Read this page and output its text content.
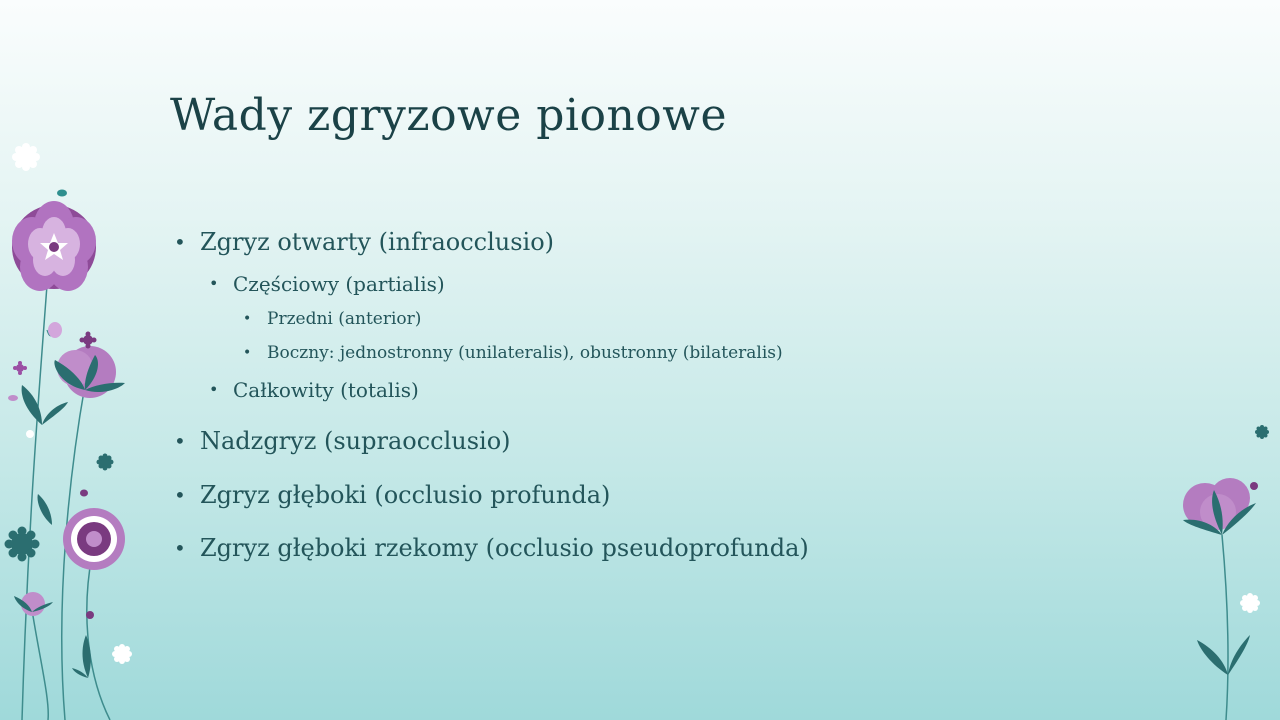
Wady zgryzowe pionowe
• Zgryz otwarty (infraocclusio)
• Częściowy (partialis)
• Przedni (anterior)
• Boczny: jednostronny (unilateralis), obustronny (bilateralis)
• Całkowity (totalis)
• Nadzgryz (supraocclusio)
• Zgryz głęboki (occlusio profunda)
• Zgryz głęboki rzekomy (occlusio pseudoprofunda)
